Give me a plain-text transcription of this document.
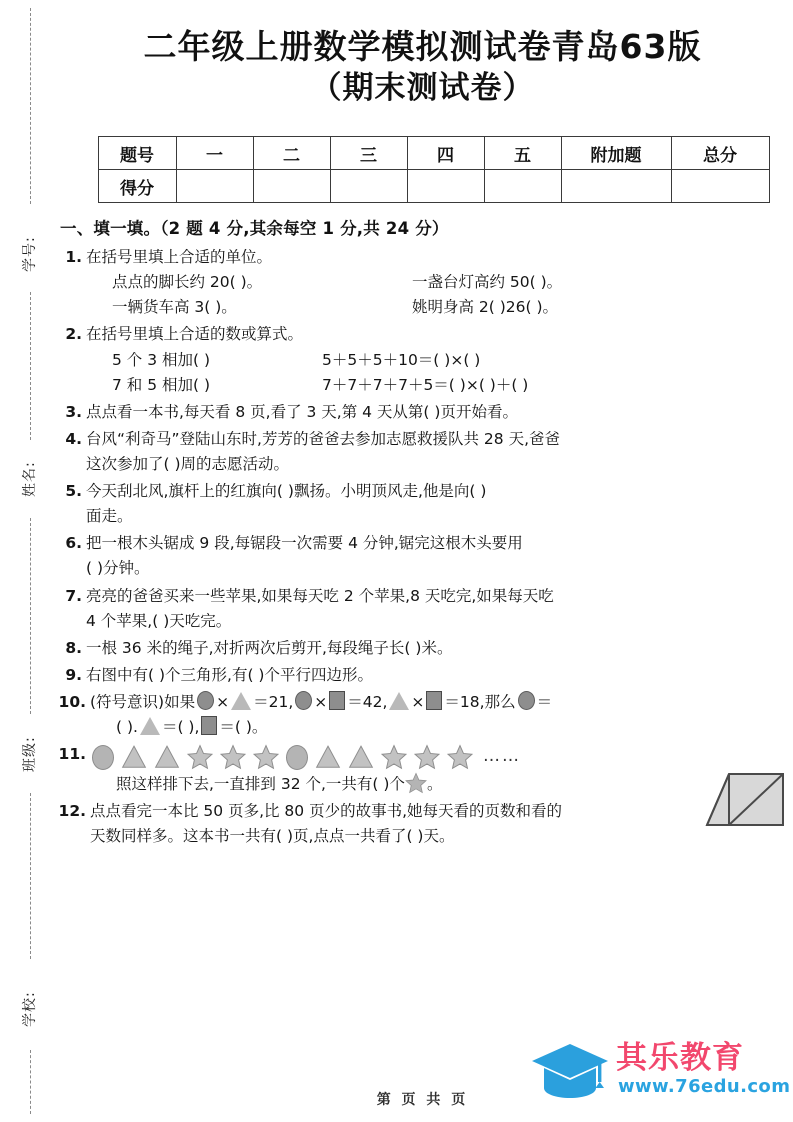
学号:
姓名:
班级:
学校:
二年级上册数学模拟测试卷青岛63版
（期末测试卷）
题号	一	二	三	四	五	附加题	总分
得分							
一、填一填。（2 题 4 分,其余每空 1 分,共 24 分）
1. 在括号里填上合适的单位。
点点的脚长约 20( )。	一盏台灯高约 50( )。
一辆货车高 3( )。	姚明身高 2( )26( )。
2. 在括号里填上合适的数或算式。
5 个 3 相加( )	5＋5＋5＋10＝( )×( )
7 和 5 相加( )	7＋7＋7＋7＋5＝( )×( )＋( )
3. 点点看一本书,每天看 8 页,看了 3 天,第 4 天从第( )页开始看。
4. 台风“利奇马”登陆山东时,芳芳的爸爸去参加志愿救援队共 28 天,爸爸
这次参加了( )周的志愿活动。
5. 今天刮北风,旗杆上的红旗向( )飘扬。小明顶风走,他是向( )
面走。
6. 把一根木头锯成 9 段,每锯段一次需要 4 分钟,锯完这根木头要用
( )分钟。
7. 亮亮的爸爸买来一些苹果,如果每天吃 2 个苹果,8 天吃完,如果每天吃
4 个苹果,( )天吃完。
8. 一根 36 米的绳子,对折两次后剪开,每段绳子长( )米。
9. 右图中有( )个三角形,有( )个平行四边形。
10. (符号意识)如果 × ＝21, × ＝42, × ＝18,那么 ＝
( ). ＝( ), ＝( )。
11.	……
照这样排下去,一直排到 32 个,一共有( )个 。
12. 点点看完一本比 50 页多,比 80 页少的故事书,她每天看的页数和看的
天数同样多。这本书一共有( )页,点点一共看了( )天。
其乐教育
www.76edu.com
第 页 共 页
